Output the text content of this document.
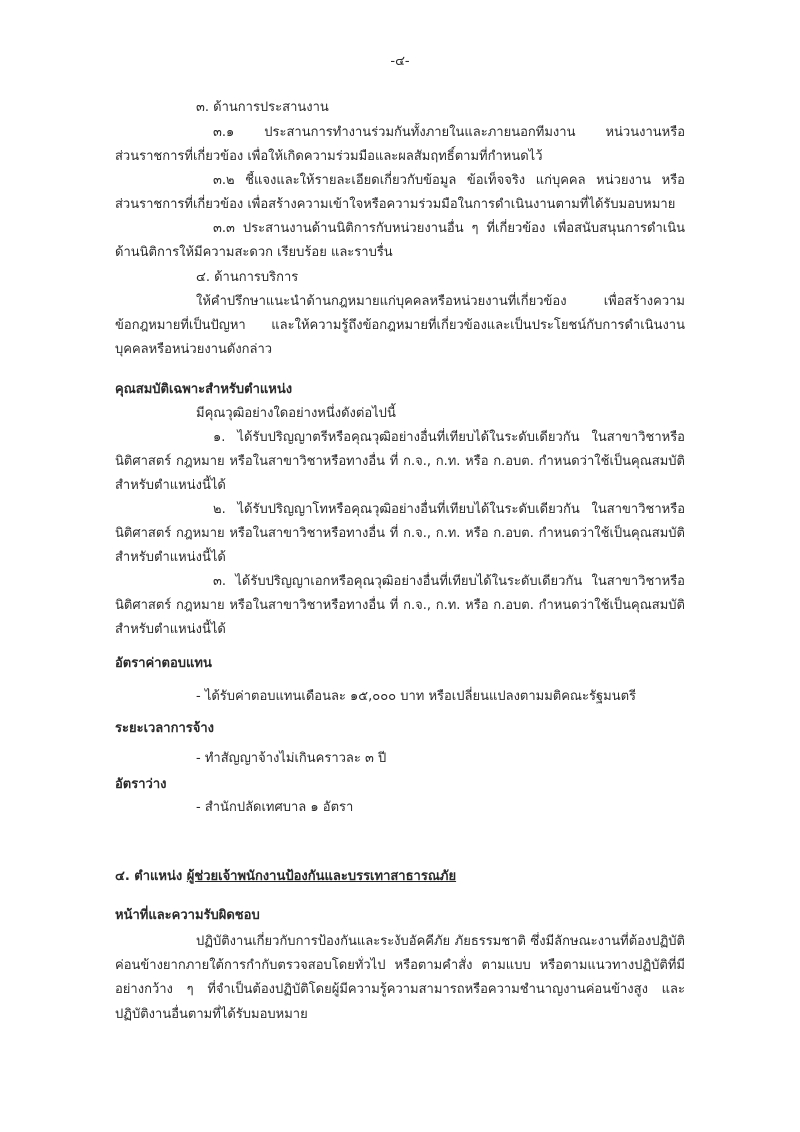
-๔-
๓. ด้านการประสานงาน
๓.๑ ประสานการทำงานร่วมกันทั้งภายในและภายนอกทีมงาน หน่วนงานหรือ
ส่วนราชการที่เกี่ยวข้อง เพื่อให้เกิดความร่วมมือและผลสัมฤทธิ์ตามที่กำหนดไว้
๓.๒ ชี้แจงและให้รายละเอียดเกี่ยวกับข้อมูล ข้อเท็จจริง แก่บุคคล หน่วยงาน หรือ
ส่วนราชการที่เกี่ยวข้อง เพื่อสร้างความเข้าใจหรือความร่วมมือในการดำเนินงานตามที่ได้รับมอบหมาย
๓.๓ ประสานงานด้านนิติการกับหน่วยงานอื่น ๆ ที่เกี่ยวข้อง เพื่อสนับสนุนการดำเนิน
ด้านนิติการให้มีความสะดวก เรียบร้อย และราบรื่น
๔. ด้านการบริการ
ให้คำปรึกษาแนะนำด้านกฎหมายแก่บุคคลหรือหน่วยงานที่เกี่ยวข้อง เพื่อสร้างความ
ข้อกฎหมายที่เป็นปัญหา และให้ความรู้ถึงข้อกฎหมายที่เกี่ยวข้องและเป็นประโยชน์กับการดำเนินงาน
บุคคลหรือหน่วยงานดังกล่าว
คุณสมบัติเฉพาะสำหรับตำแหน่ง
มีคุณวุฒิอย่างใดอย่างหนึ่งดังต่อไปนี้
๑. ได้รับปริญญาตรีหรือคุณวุฒิอย่างอื่นที่เทียบได้ในระดับเดียวกัน ในสาขาวิชาหรือ
นิติศาสตร์ กฎหมาย หรือในสาขาวิชาหรือทางอื่น ที่ ก.จ., ก.ท. หรือ ก.อบต. กำหนดว่าใช้เป็นคุณสมบัติ
สำหรับตำแหน่งนี้ได้
๒. ได้รับปริญญาโทหรือคุณวุฒิอย่างอื่นที่เทียบได้ในระดับเดียวกัน ในสาขาวิชาหรือ
นิติศาสตร์ กฎหมาย หรือในสาขาวิชาหรือทางอื่น ที่ ก.จ., ก.ท. หรือ ก.อบต. กำหนดว่าใช้เป็นคุณสมบัติ
สำหรับตำแหน่งนี้ได้
๓. ได้รับปริญญาเอกหรือคุณวุฒิอย่างอื่นที่เทียบได้ในระดับเดียวกัน ในสาขาวิชาหรือ
นิติศาสตร์ กฎหมาย หรือในสาขาวิชาหรือทางอื่น ที่ ก.จ., ก.ท. หรือ ก.อบต. กำหนดว่าใช้เป็นคุณสมบัติ
สำหรับตำแหน่งนี้ได้
อัตราค่าตอบแทน
- ได้รับค่าตอบแทนเดือนละ ๑๕,๐๐๐ บาท หรือเปลี่ยนแปลงตามมติคณะรัฐมนตรี
ระยะเวลาการจ้าง
- ทำสัญญาจ้างไม่เกินคราวละ ๓ ปี
อัตราว่าง
- สำนักปลัดเทศบาล ๑ อัตรา
๔. ตำแหน่ง ผู้ช่วยเจ้าพนักงานป้องกันและบรรเทาสาธารณภัย
หน้าที่และความรับผิดชอบ
ปฏิบัติงานเกี่ยวกับการป้องกันและระงับอัคคีภัย ภัยธรรมชาติ ซึ่งมีลักษณะงานที่ต้องปฏิบัติ
ค่อนข้างยากภายใต้การกำกับตรวจสอบโดยทั่วไป หรือตามคำสั่ง ตามแบบ หรือตามแนวทางปฏิบัติที่มี
อย่างกว้าง ๆ ที่จำเป็นต้องปฏิบัติโดยผู้มีความรู้ความสามารถหรือความชำนาญงานค่อนข้างสูง และ
ปฏิบัติงานอื่นตามที่ได้รับมอบหมาย
